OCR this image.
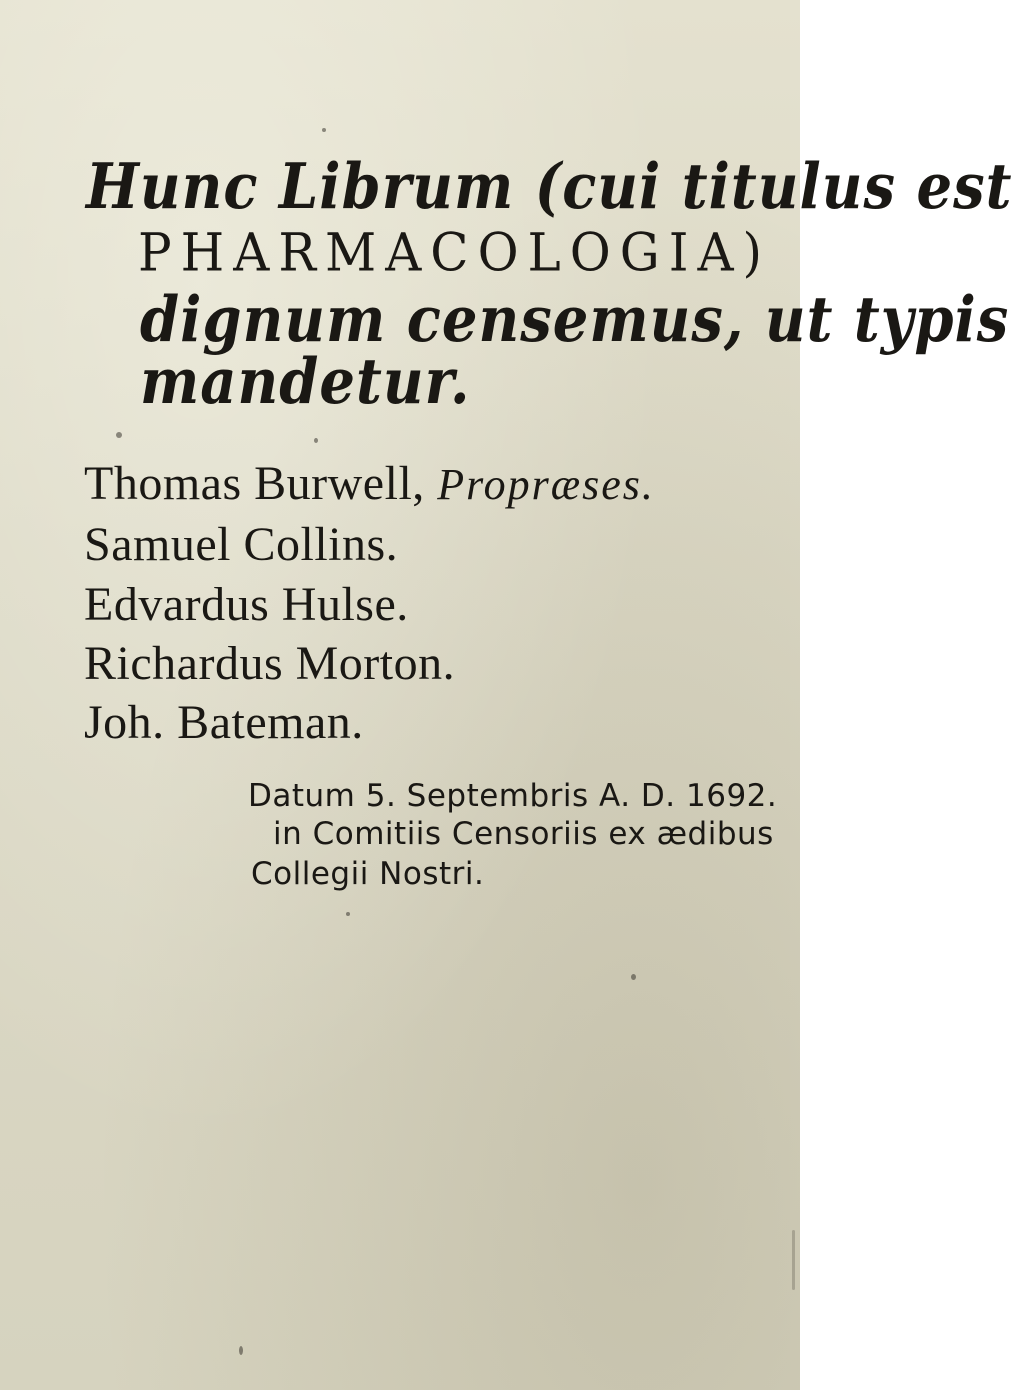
Hunc Librum (cui titulus est
PHARMACOLOGIA)
dignum censemus, ut typis
mandetur.
Thomas Burwell, Propræses.
Samuel Collins.
Edvardus Hulse.
Richardus Morton.
Joh. Bateman.
Datum 5. Septembris A. D. 1692.
in Comitiis Censoriis ex ædibus
Collegii Nostri.
